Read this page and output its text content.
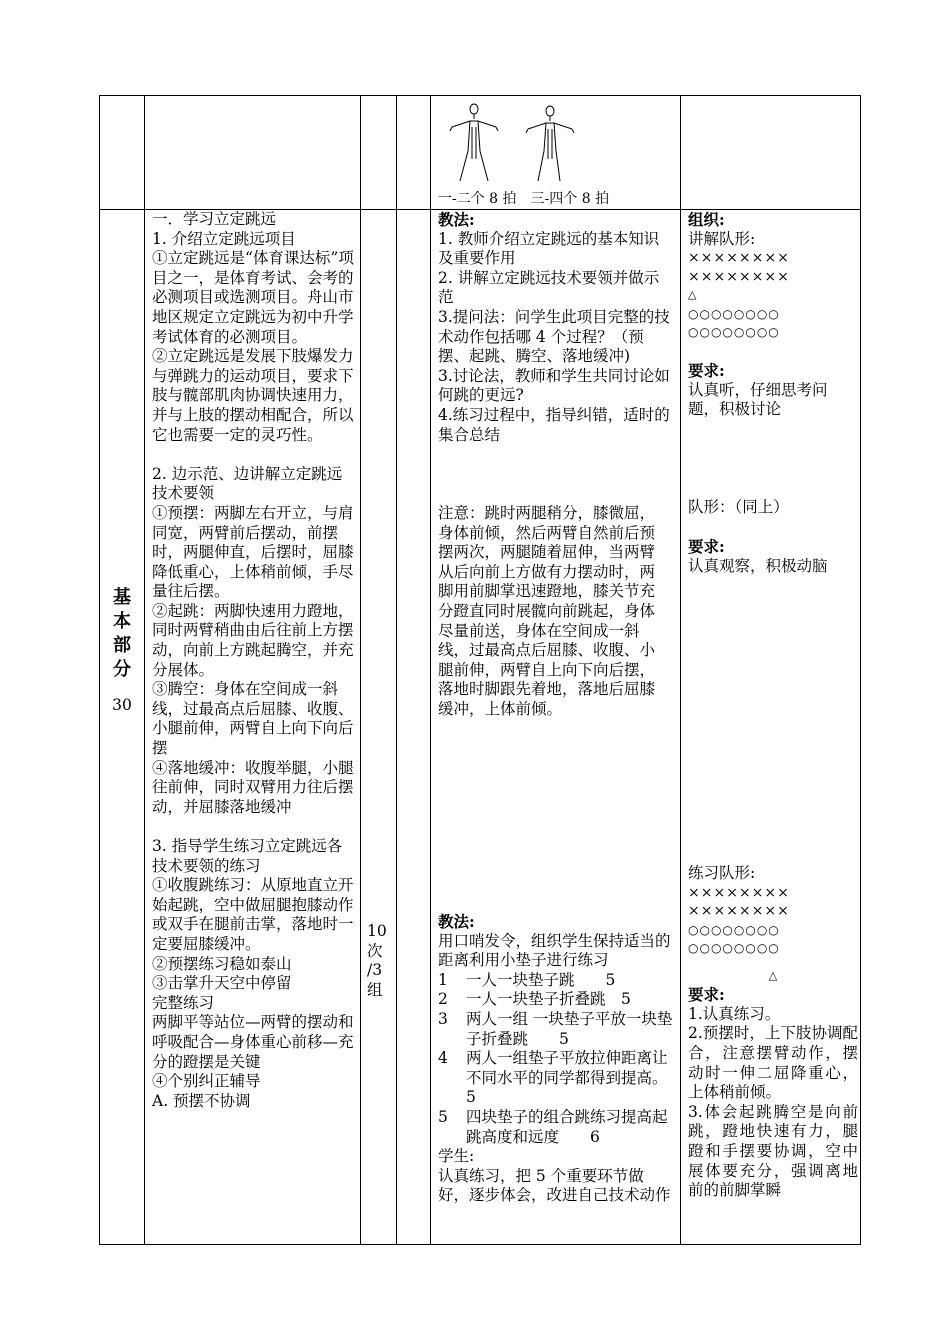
一-二个 8 拍　三-四个 8 拍
基
本
部
分
30

一．学习立定跳远

1. 介绍立定跳远项目

①立定跳远是“体育课达标”项目之一，是体育考试、会考的必测项目或选测项目。舟山市地区规定立定跳远为初中升学考试体育的必测项目。

②立定跳远是发展下肢爆发力与弹跳力的运动项目，要求下肢与髋部肌肉协调快速用力，并与上肢的摆动相配合，所以它也需要一定的灵巧性。

2. 边示范、边讲解立定跳远技术要领

①预摆：两脚左右开立，与肩同宽，两臂前后摆动，前摆时，两腿伸直，后摆时，屈膝降低重心，上体稍前倾，手尽量往后摆。

②起跳：两脚快速用力蹬地，同时两臂稍曲由后往前上方摆动，向前上方跳起腾空，并充分展体。

③腾空：身体在空间成一斜线，过最高点后屈膝、收腹、小腿前伸，两臂自上向下向后摆

④落地缓冲：收腹举腿，小腿往前伸，同时双臂用力往后摆动，并屈膝落地缓冲

3. 指导学生练习立定跳远各技术要领的练习

①收腹跳练习：从原地直立开始起跳，空中做屈腿抱膝动作或双手在腿前击掌，落地时一定要屈膝缓冲。

②预摆练习稳如泰山

③击掌升天空中停留

完整练习

两脚平等站位—两臂的摆动和呼吸配合—身体重心前移—充分的蹬摆是关键

④个别纠正辅导

A. 预摆不协调

10

次

/3

组

教法:

1. 教师介绍立定跳远的基本知识及重要作用

2. 讲解立定跳远技术要领并做示范

3.提问法：问学生此项目完整的技术动作包括哪 4 个过程？（预摆、起跳、腾空、落地缓冲)

3.讨论法，教师和学生共同讨论如何跳的更远?

4.练习过程中，指导纠错，适时的集合总结

注意：跳时两腿稍分，膝微屈，身体前倾，然后两臂自然前后预摆两次，两腿随着屈伸，当两臂从后向前上方做有力摆动时，两脚用前脚掌迅速蹬地，膝关节充分蹬直同时展髋向前跳起，身体尽量前送，身体在空间成一斜线，过最高点后屈膝、收腹、小腿前伸，两臂自上向下向后摆，落地时脚跟先着地，落地后屈膝缓冲，上体前倾。

教法:

用口哨发令，组织学生保持适当的距离利用小垫子进行练习

1 一人一块垫子跳　　5
2 一人一块垫子折叠跳　5
3 两人一组 一块垫子平放一块垫子折叠跳　　5
4 两人一组垫子平放拉伸距离让不同水平的同学都得到提高。　　　5
5 四块垫子的组合跳练习提高起跳高度和远度　　6

学生:

认真练习，把 5 个重要环节做好，逐步体会，改进自己技术动作

组织:

讲解队形:

××××××××

××××××××

△

○○○○○○○○

○○○○○○○○

要求:

认真听，仔细思考问题，积极讨论

队形：（同上）

要求:

认真观察，积极动脑

练习队形:

××××××××

××××××××

○○○○○○○○

○○○○○○○○

△

要求:

1.认真练习。

2.预摆时，上下肢协调配合，注意摆臂动作，摆动时一伸二屈降重心，上体稍前倾。

3.体会起跳腾空是向前跳，蹬地快速有力，腿蹬和手摆要协调，空中展体要充分，强调离地前的前脚掌瞬
